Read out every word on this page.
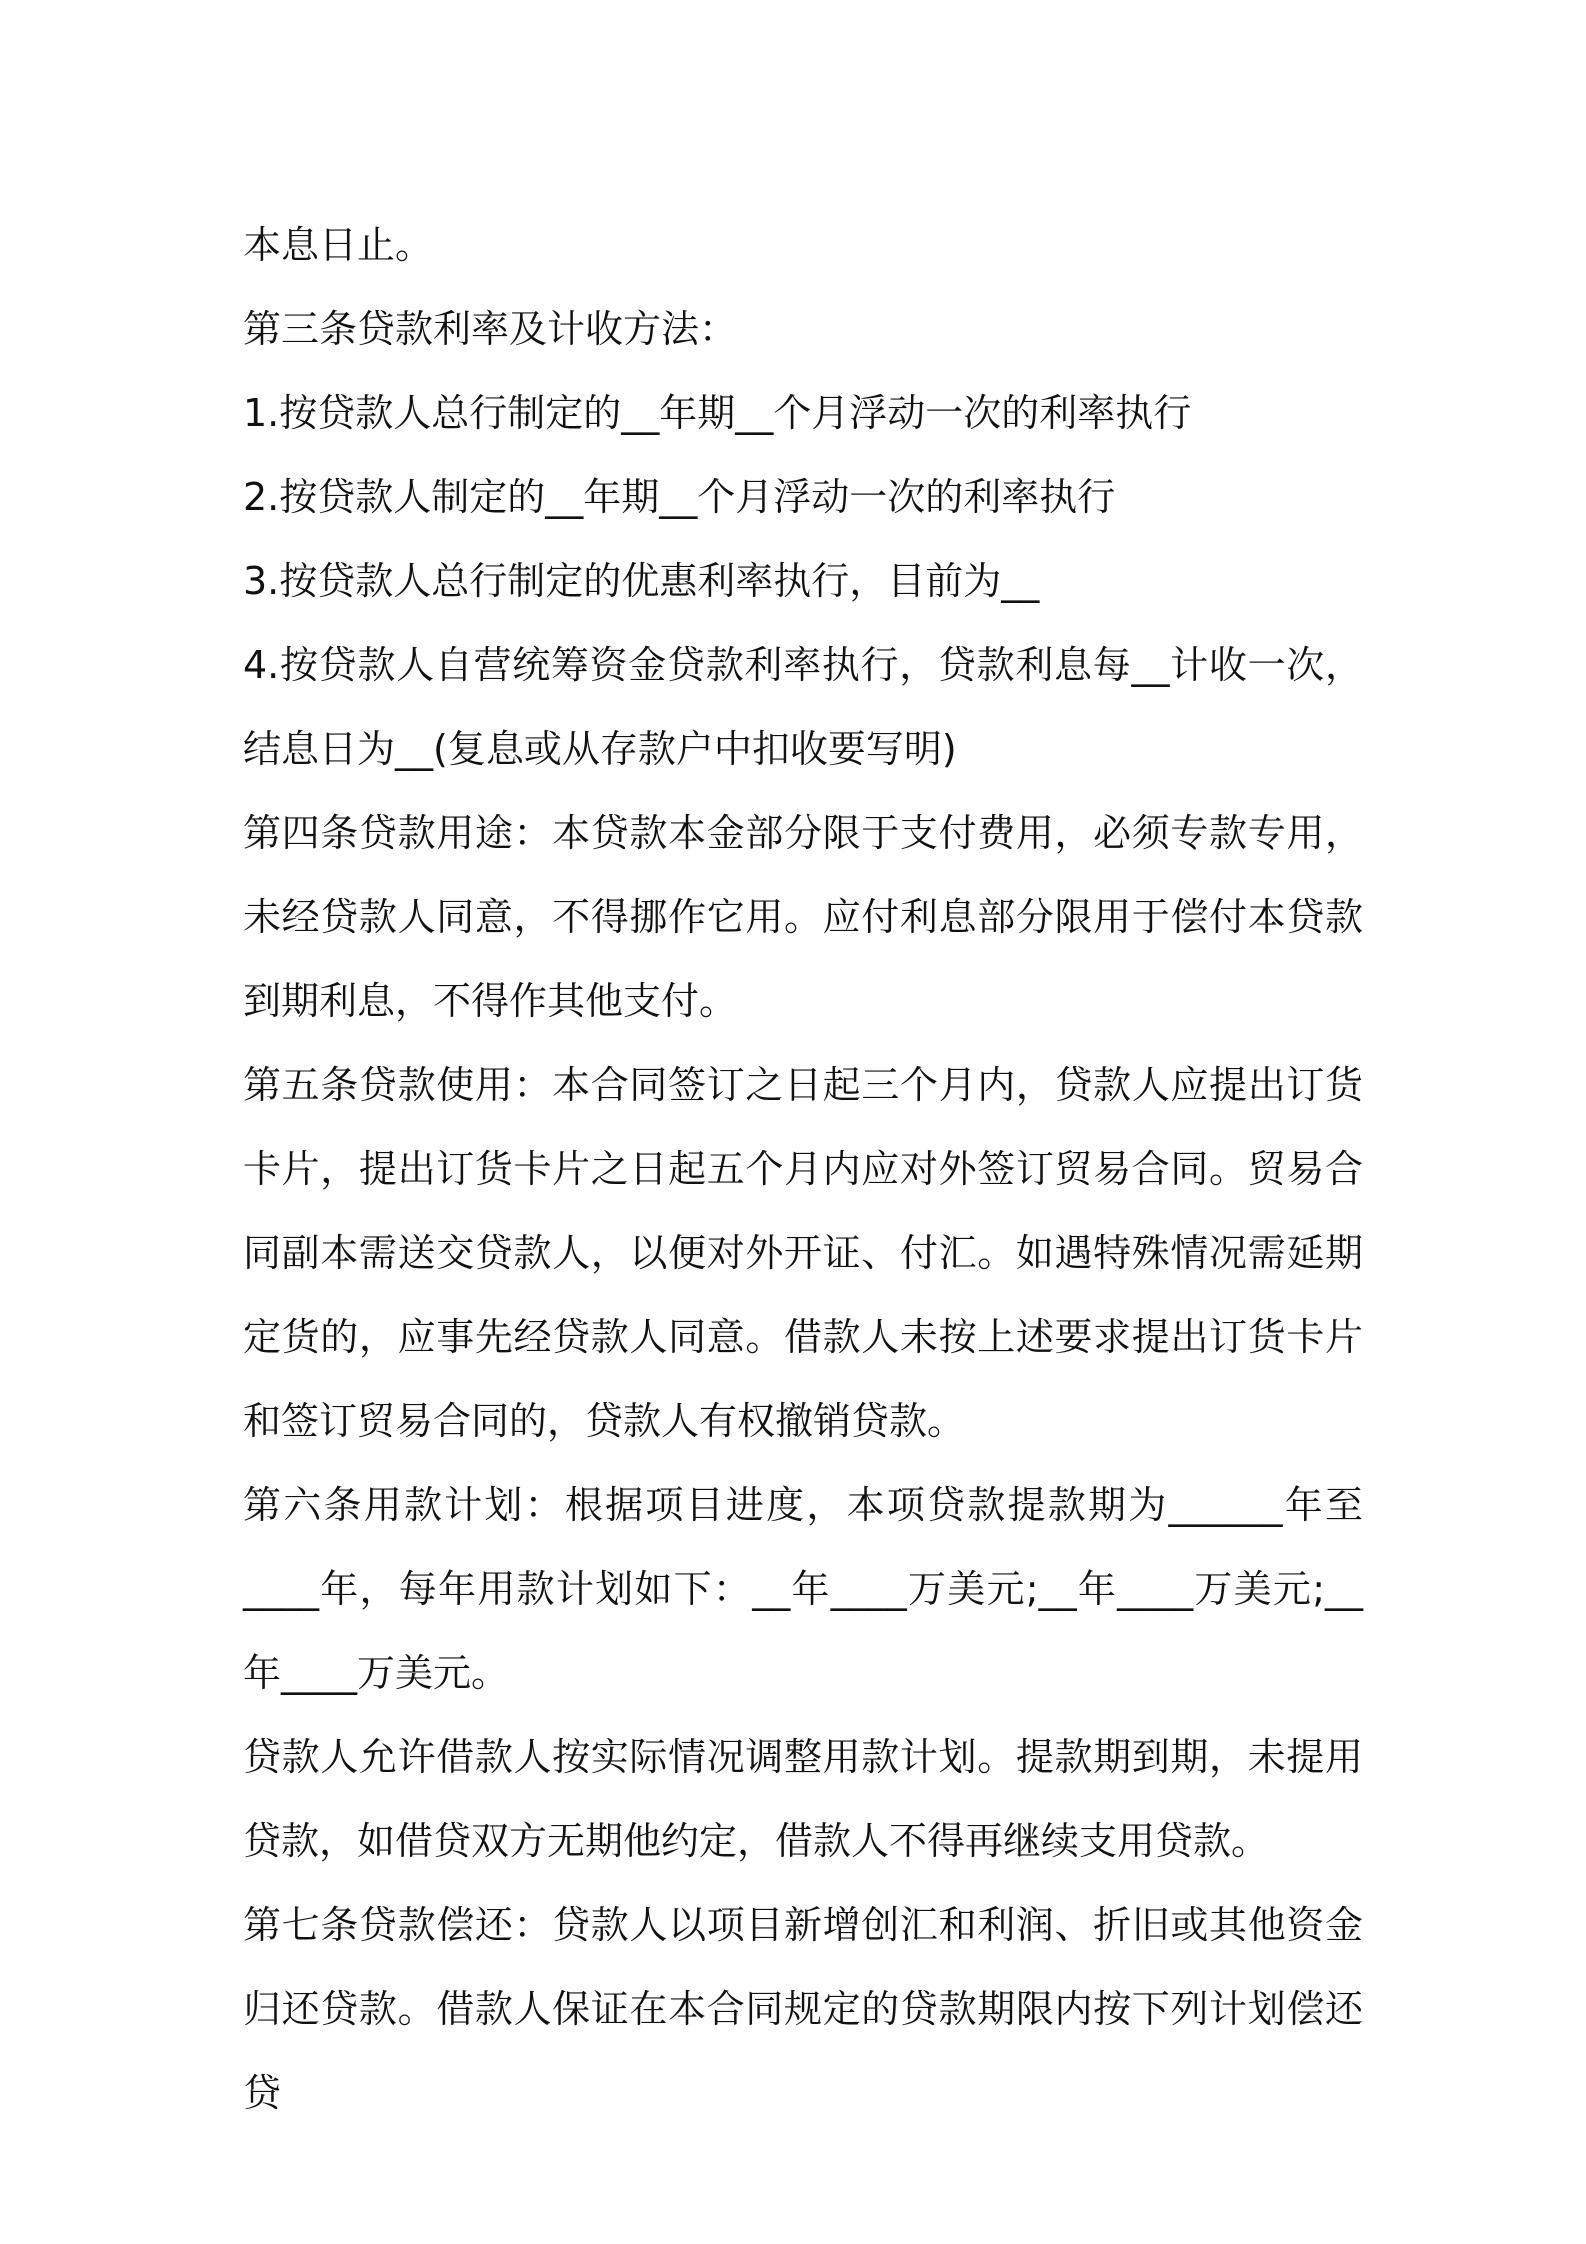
本息日止。

第三条贷款利率及计收方法：

1.按贷款人总行制定的__年期__个月浮动一次的利率执行

2.按贷款人制定的__年期__个月浮动一次的利率执行

3.按贷款人总行制定的优惠利率执行，目前为__

4.按贷款人自营统筹资金贷款利率执行，贷款利息每__计收一次，结息日为__(复息或从存款户中扣收要写明)

第四条贷款用途：本贷款本金部分限于支付费用，必须专款专用，未经贷款人同意，不得挪作它用。应付利息部分限用于偿付本贷款到期利息，不得作其他支付。

第五条贷款使用：本合同签订之日起三个月内，贷款人应提出订货卡片，提出订货卡片之日起五个月内应对外签订贸易合同。贸易合同副本需送交贷款人，以便对外开证、付汇。如遇特殊情况需延期定货的，应事先经贷款人同意。借款人未按上述要求提出订货卡片和签订贸易合同的，贷款人有权撤销贷款。

第六条用款计划：根据项目进度，本项贷款提款期为______年至____年，每年用款计划如下：__年____万美元;__年____万美元;__年____万美元。

贷款人允许借款人按实际情况调整用款计划。提款期到期，未提用贷款，如借贷双方无期他约定，借款人不得再继续支用贷款。

第七条贷款偿还：贷款人以项目新增创汇和利润、折旧或其他资金归还贷款。借款人保证在本合同规定的贷款期限内按下列计划偿还贷
